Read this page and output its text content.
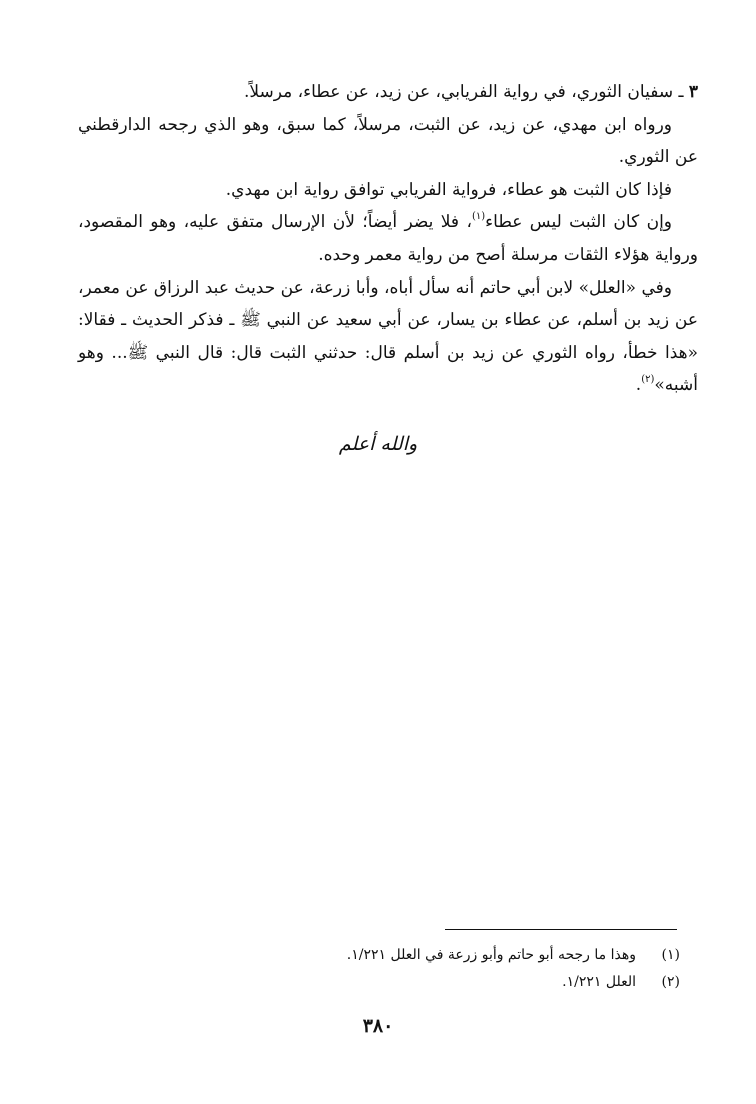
٣ ـ سفيان الثوري، في رواية الفريابي، عن زيد، عن عطاء، مرسلاً.

ورواه ابن مهدي، عن زيد، عن الثبت، مرسلاً، كما سبق، وهو الذي رجحه الدارقطني عن الثوري.

فإذا كان الثبت هو عطاء، فرواية الفريابي توافق رواية ابن مهدي.

وإن كان الثبت ليس عطاء$^{(١)}$، فلا يضر أيضاً؛ لأن الإرسال متفق عليه، وهو المقصود، ورواية هؤلاء الثقات مرسلة أصح من رواية معمر وحده.

وفي «العلل» لابن أبي حاتم أنه سأل أباه، وأبا زرعة، عن حديث عبد الرزاق عن معمر، عن زيد بن أسلم، عن عطاء بن يسار، عن أبي سعيد عن النبي ﷺ ـ فذكر الحديث ـ فقالا: «هذا خطأ، رواه الثوري عن زيد بن أسلم قال: حدثني الثبت قال: قال النبي ﷺ... وهو أشبه»$^{(٢)}$.

والله أعلم
(١)
وهذا ما رجحه أبو حاتم وأبو زرعة في العلل ١/٢٢١.
(٢)
العلل ١/٢٢١.
٣٨٠
